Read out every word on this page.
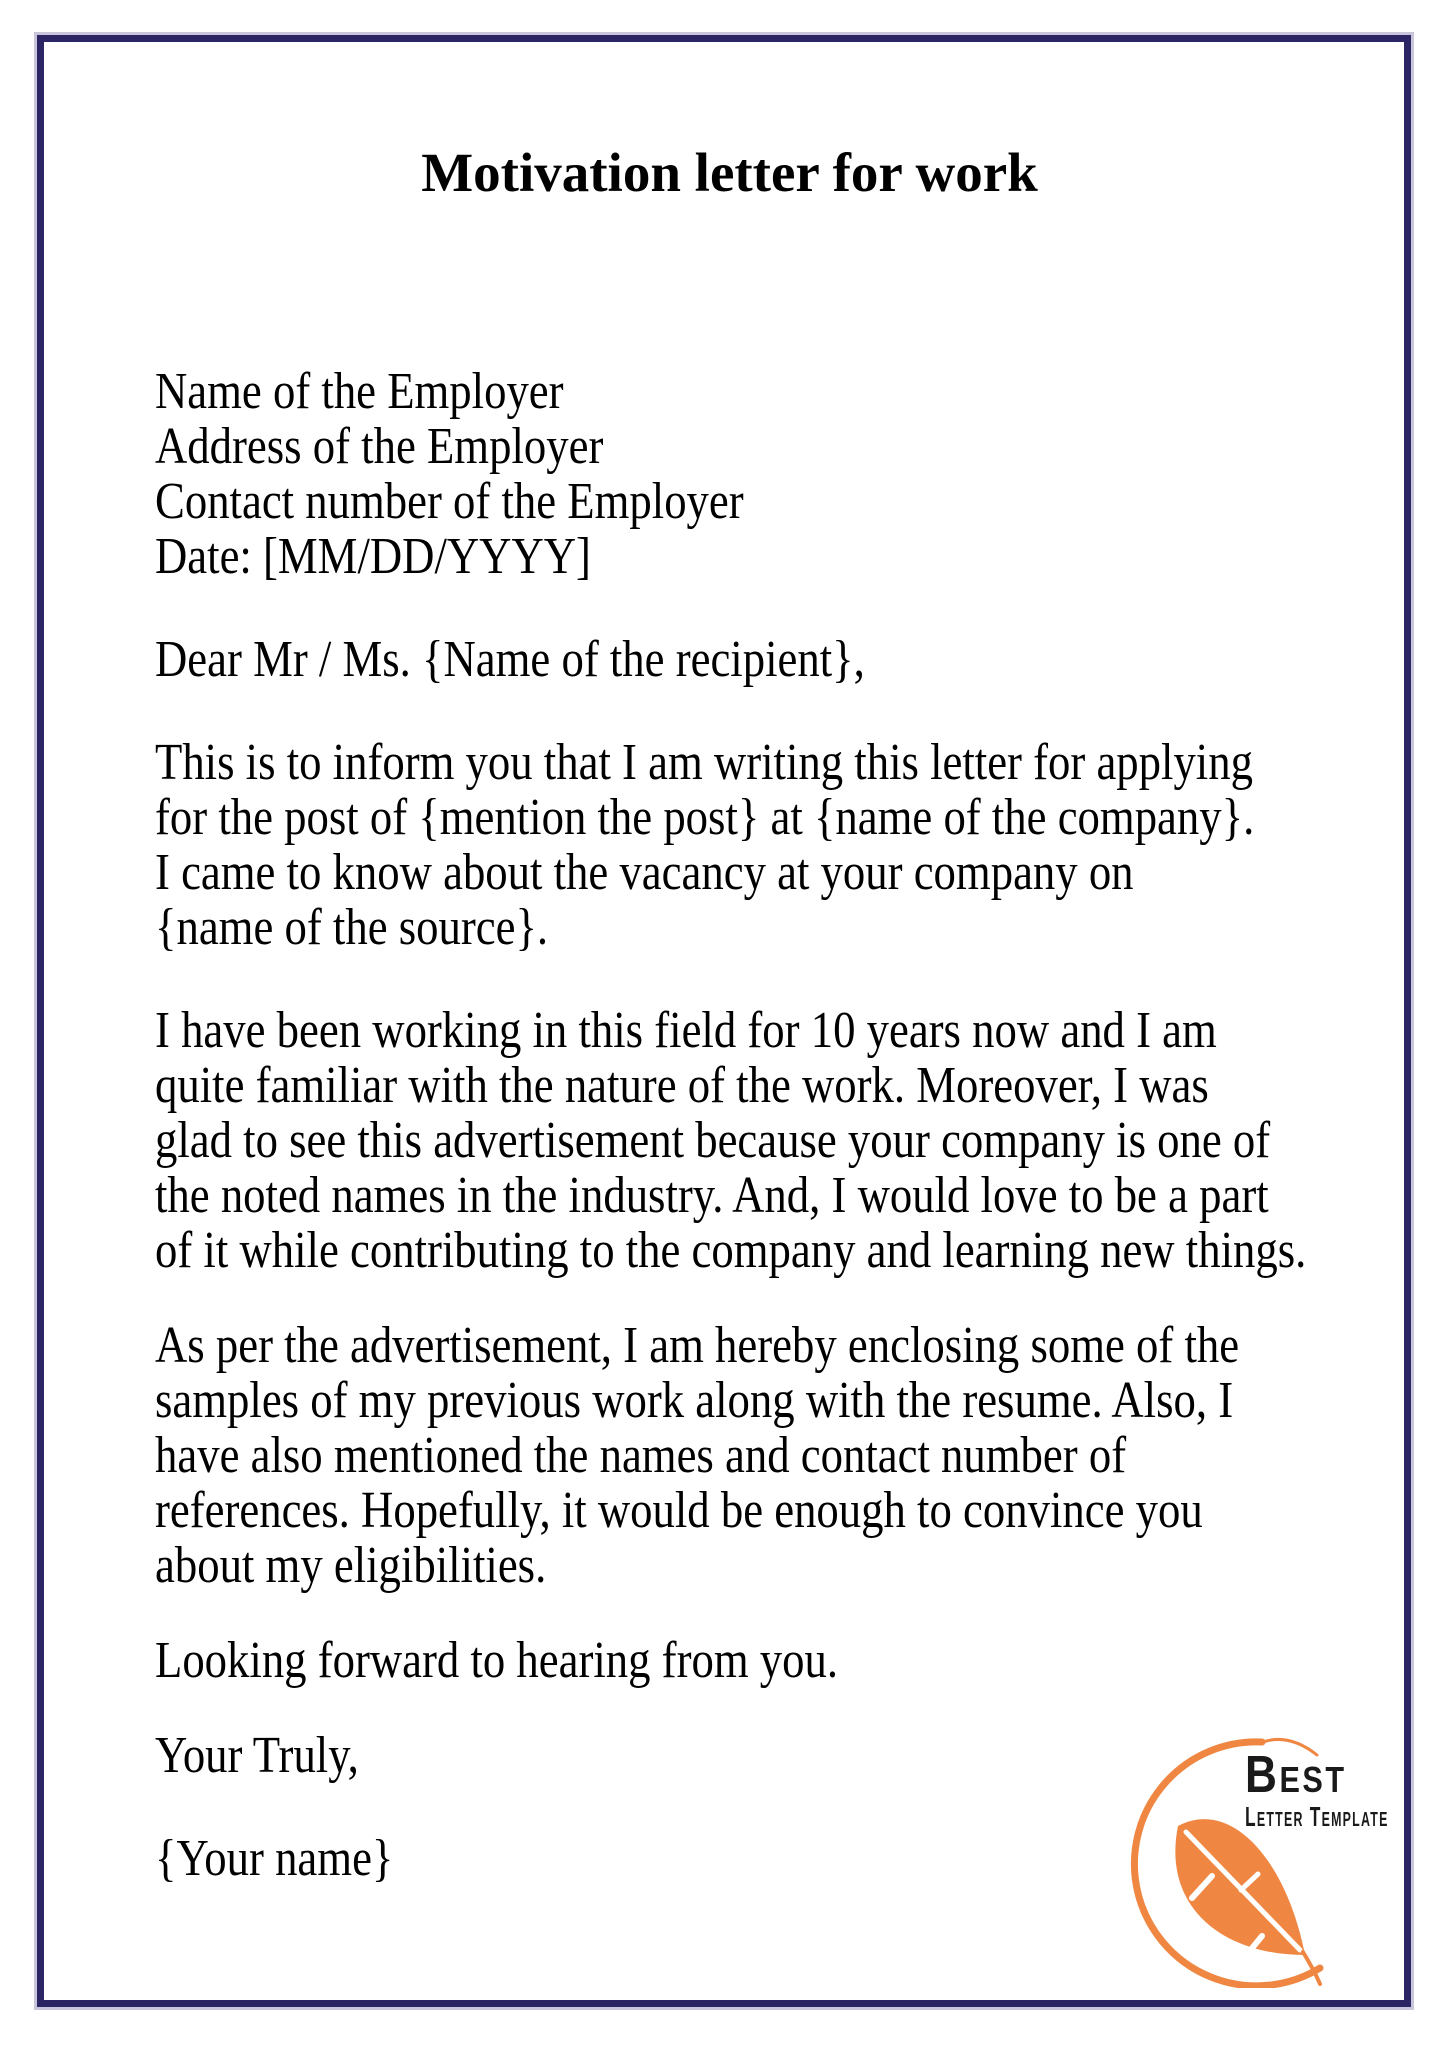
Motivation letter for work
Name of the Employer
Address of the Employer
Contact number of the Employer
Date: [MM/DD/YYYY]
Dear Mr / Ms. {Name of the recipient},
This is to inform you that I am writing this letter for applying
for the post of {mention the post} at {name of the company}.
I came to know about the vacancy at your company on
{name of the source}.
I have been working in this field for 10 years now and I am
quite familiar with the nature of the work. Moreover, I was
glad to see this advertisement because your company is one of
the noted names in the industry. And, I would love to be a part
of it while contributing to the company and learning new things.
As per the advertisement, I am hereby enclosing some of the
samples of my previous work along with the resume. Also, I
have also mentioned the names and contact number of
references. Hopefully, it would be enough to convince you
about my eligibilities.
Looking forward to hearing from you.
Your Truly,
{Your name}
Best
Letter Template
